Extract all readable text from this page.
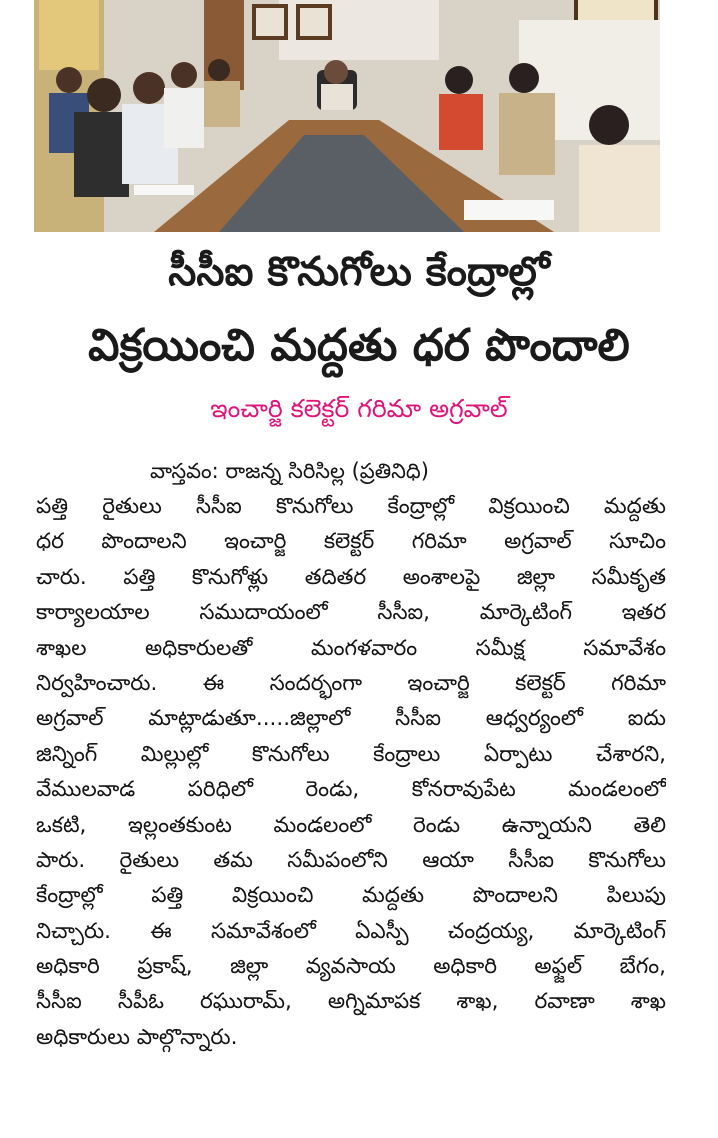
సీసీఐ కొనుగోలు కేంద్రాల్లో
విక్రయించి మద్దతు ధర పొందాలి
ఇంచార్జి కలెక్టర్ గరిమా అగ్రవాల్
వాస్తవం: రాజన్న సిరిసిల్ల (ప్రతినిధి)
పత్తి రైతులు సీసీఐ కొనుగోలు కేంద్రాల్లో విక్రయించి మద్దతు
ధర పొందాలని ఇంచార్జి కలెక్టర్ గరిమా అగ్రవాల్ సూచిం
చారు. పత్తి కొనుగోళ్లు తదితర అంశాలపై జిల్లా సమీకృత
కార్యాలయాల సముదాయంలో సీసీఐ, మార్కెటింగ్ ఇతర
శాఖల అధికారులతో మంగళవారం సమీక్ష సమావేశం
నిర్వహించారు. ఈ సందర్భంగా ఇంచార్జి కలెక్టర్ గరిమా
అగ్రవాల్ మాట్లాడుతూ.....జిల్లాలో సీసీఐ ఆధ్వర్యంలో ఐదు
జిన్నింగ్ మిల్లుల్లో కొనుగోలు కేంద్రాలు ఏర్పాటు చేశారని,
వేములవాడ పరిధిలో రెండు, కోనరావుపేట మండలంలో
ఒకటి, ఇల్లంతకుంట మండలంలో రెండు ఉన్నాయని తెలి
పారు. రైతులు తమ సమీపంలోని ఆయా సీసీఐ కొనుగోలు
కేంద్రాల్లో పత్తి విక్రయించి మద్దతు పొందాలని పిలుపు
నిచ్చారు. ఈ సమావేశంలో ఏఎస్పీ చంద్రయ్య, మార్కెటింగ్
అధికారి ప్రకాష్, జిల్లా వ్యవసాయ అధికారి అఫ్జల్ బేగం,
సీసీఐ సీపీఓ రఘురామ్, అగ్నిమాపక శాఖ, రవాణా శాఖ
అధికారులు పాల్గొన్నారు.
